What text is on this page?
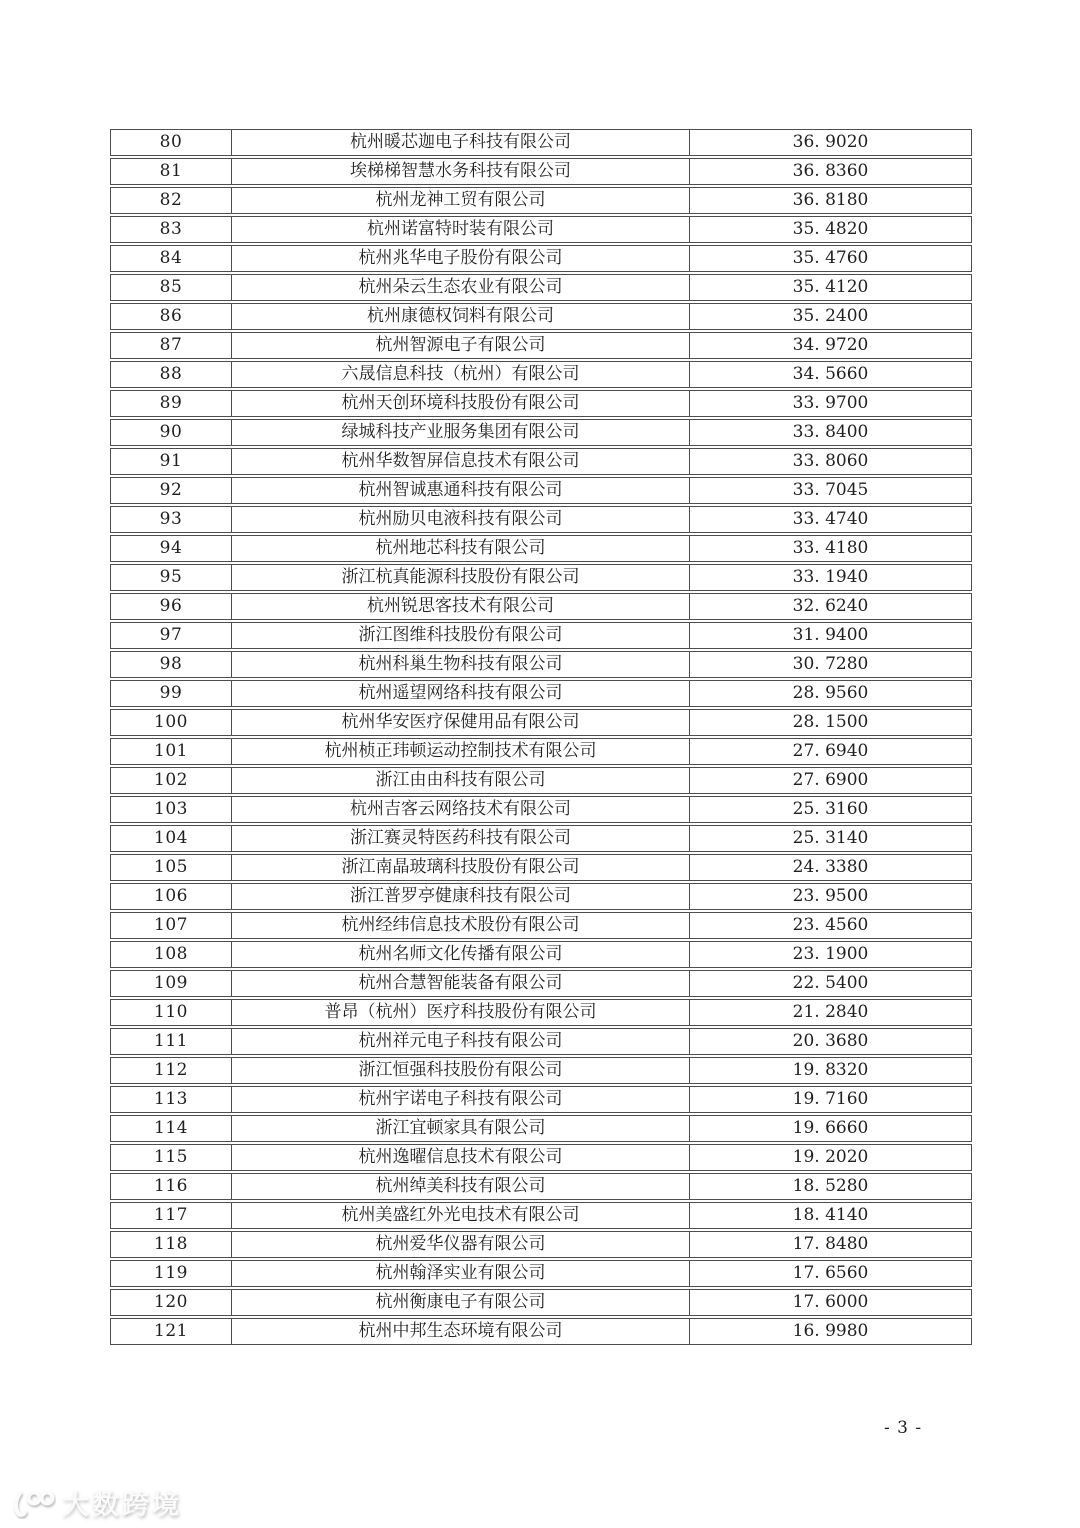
80	杭州暖芯迦电子科技有限公司	36. 9020
81	埃梯梯智慧水务科技有限公司	36. 8360
82	杭州龙神工贸有限公司	36. 8180
83	杭州诺富特时装有限公司	35. 4820
84	杭州兆华电子股份有限公司	35. 4760
85	杭州朵云生态农业有限公司	35. 4120
86	杭州康德权饲料有限公司	35. 2400
87	杭州智源电子有限公司	34. 9720
88	六晟信息科技（杭州）有限公司	34. 5660
89	杭州天创环境科技股份有限公司	33. 9700
90	绿城科技产业服务集团有限公司	33. 8400
91	杭州华数智屏信息技术有限公司	33. 8060
92	杭州智诚惠通科技有限公司	33. 7045
93	杭州励贝电液科技有限公司	33. 4740
94	杭州地芯科技有限公司	33. 4180
95	浙江杭真能源科技股份有限公司	33. 1940
96	杭州锐思客技术有限公司	32. 6240
97	浙江图维科技股份有限公司	31. 9400
98	杭州科巢生物科技有限公司	30. 7280
99	杭州遥望网络科技有限公司	28. 9560
100	杭州华安医疗保健用品有限公司	28. 1500
101	杭州桢正玮顿运动控制技术有限公司	27. 6940
102	浙江由由科技有限公司	27. 6900
103	杭州吉客云网络技术有限公司	25. 3160
104	浙江赛灵特医药科技有限公司	25. 3140
105	浙江南晶玻璃科技股份有限公司	24. 3380
106	浙江普罗亭健康科技有限公司	23. 9500
107	杭州经纬信息技术股份有限公司	23. 4560
108	杭州名师文化传播有限公司	23. 1900
109	杭州合慧智能装备有限公司	22. 5400
110	普昂（杭州）医疗科技股份有限公司	21. 2840
111	杭州祥元电子科技有限公司	20. 3680
112	浙江恒强科技股份有限公司	19. 8320
113	杭州宇诺电子科技有限公司	19. 7160
114	浙江宜顿家具有限公司	19. 6660
115	杭州逸曜信息技术有限公司	19. 2020
116	杭州绰美科技有限公司	18. 5280
117	杭州美盛红外光电技术有限公司	18. 4140
118	杭州爱华仪器有限公司	17. 8480
119	杭州翰泽实业有限公司	17. 6560
120	杭州衡康电子有限公司	17. 6000
121	杭州中邦生态环境有限公司	16. 9980
- 3 -
大数跨境
